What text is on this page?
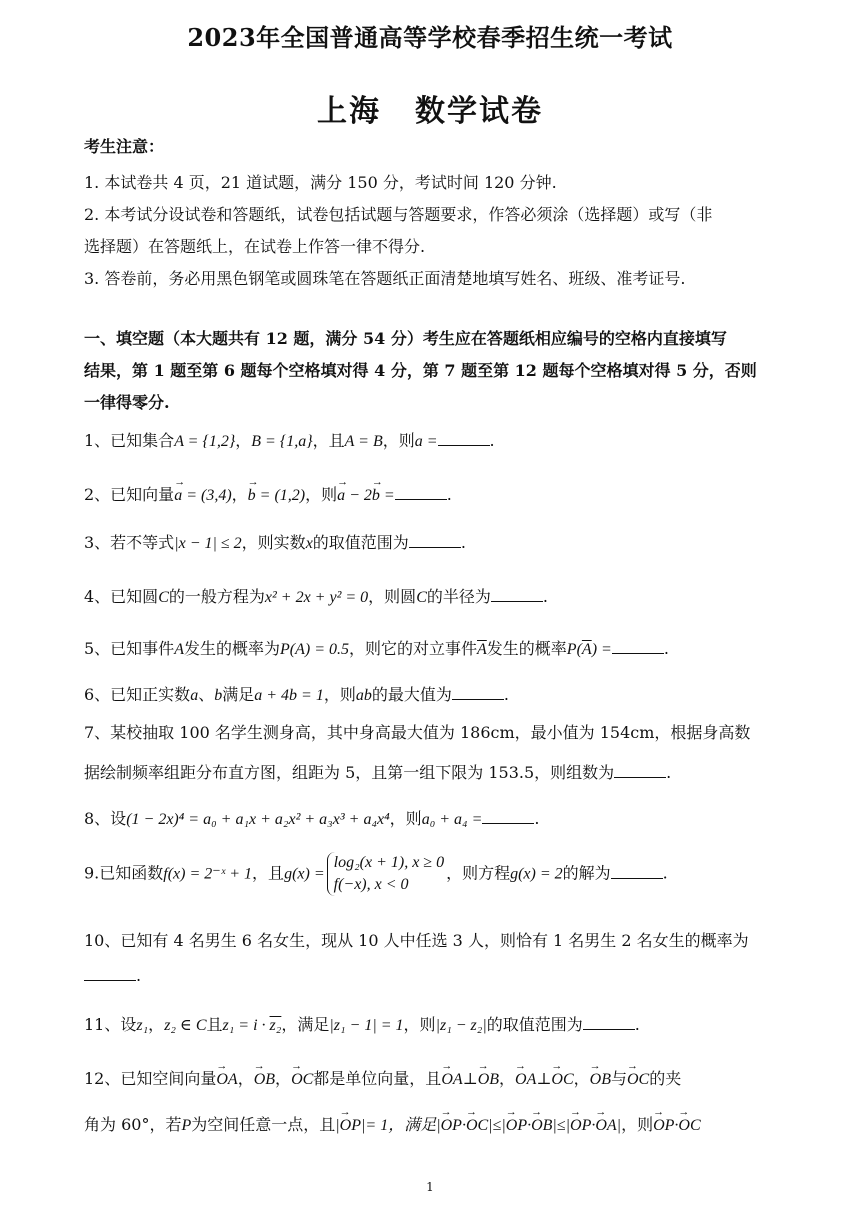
2023年全国普通高等学校春季招生统一考试
上海 数学试卷
考生注意：
1. 本试卷共 4 页，21 道试题，满分 150 分，考试时间 120 分钟.
2. 本考试分设试卷和答题纸，试卷包括试题与答题要求，作答必须涂（选择题）或写（非
选择题）在答题纸上，在试卷上作答一律不得分.
3. 答卷前，务必用黑色钢笔或圆珠笔在答题纸正面清楚地填写姓名、班级、准考证号.
一、填空题（本大题共有 12 题，满分 54 分）考生应在答题纸相应编号的空格内直接填写
结果，第 1 题至第 6 题每个空格填对得 4 分，第 7 题至第 12 题每个空格填对得 5 分，否则
一律得零分.
1、已知集合A = {1,2}，B = {1,a}，且A = B，则a =	.
2、已知向量→ a = (3,4)，→ b = (1,2)，则→ a − 2→ b =	.
3、若不等式|x − 1| ≤ 2，则实数x的取值范围为	.
4、已知圆C的一般方程为x² + 2x + y² = 0，则圆C的半径为	.
5、已知事件A发生的概率为P(A) = 0.5，则它的对立事件$\overline{A}$发生的概率$P(\overline{A})$ =	.
6、已知正实数a、b满足a + 4b = 1，则ab的最大值为	.
7、某校抽取 100 名学生测身高，其中身高最大值为 186cm，最小值为 154cm，根据身高数
据绘制频率组距分布直方图，组距为 5，且第一组下限为 153.5，则组数为	.
8、设(1 − 2x)⁴ = a₀ + a₁x + a₂x² + a₃x³ + a₄x⁴，则a₀ + a₄ =	.
9.已知函数f(x) = 2⁻ˣ + 1，且g(x) =
log₂(x + 1), x ≥ 0
f(−x), x < 0
，则方程g(x) = 2的解为	.
10、已知有 4 名男生 6 名女生，现从 10 人中任选 3 人，则恰有 1 名男生 2 名女生的概率为
.
11、设z₁，z₂ ∈ C且z₁ = i · z₂，满足|z₁ − 1| = 1，则|z₁ − z₂|的取值范围为	.
12、已知空间向量→ OA，→ OB，→ OC都是单位向量，且→ OA⊥→ OB，→ OA⊥→ OC，→ OB与→ OC的夹
角为 60°，若P为空间任意一点，且|→ OP|= 1，满足|→ OP·→ OC|≤|→ OP·→ OB|≤|→ OP·→ OA|，则→ OP·→ OC
1
